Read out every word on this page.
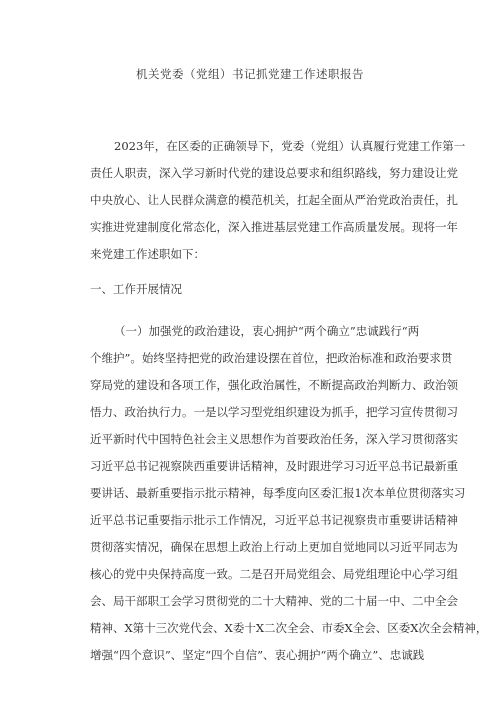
机关党委（党组）书记抓党建工作述职报告
2023年，在区委的正确领导下，党委（党组）认真履行党建工作第一
责任人职责，深入学习新时代党的建设总要求和组织路线，努力建设让党
中央放心、让人民群众满意的模范机关，扛起全面从严治党政治责任，扎
实推进党建制度化常态化，深入推进基层党建工作高质量发展。现将一年
来党建工作述职如下：
一、工作开展情况
（一）加强党的政治建设，衷心拥护“两个确立”忠诚践行“两
个维护”。始终坚持把党的政治建设摆在首位，把政治标准和政治要求贯
穿局党的建设和各项工作，强化政治属性，不断提高政治判断力、政治领
悟力、政治执行力。一是以学习型党组织建设为抓手，把学习宣传贯彻习
近平新时代中国特色社会主义思想作为首要政治任务，深入学习贯彻落实
习近平总书记视察陕西重要讲话精神，及时跟进学习习近平总书记最新重
要讲话、最新重要指示批示精神，每季度向区委汇报1次本单位贯彻落实习
近平总书记重要指示批示工作情况，习近平总书记视察贵市重要讲话精神
贯彻落实情况，确保在思想上政治上行动上更加自觉地同以习近平同志为
核心的党中央保持高度一致。二是召开局党组会、局党组理论中心学习组
会、局干部职工会学习贯彻党的二十大精神、党的二十届一中、二中全会
精神、X第十三次党代会、X委十X二次全会、市委X全会、区委X次全会精神，
增强“四个意识”、坚定“四个自信”、衷心拥护“两个确立”、忠诚践
